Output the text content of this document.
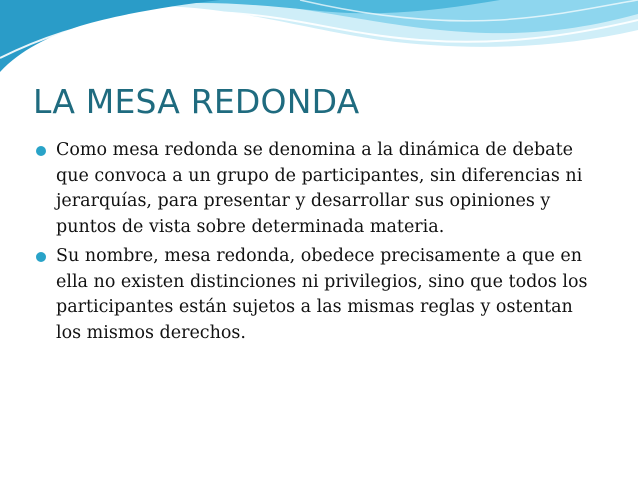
LA MESA REDONDA
Como mesa redonda se denomina a la dinámica de debate que convoca a un grupo de participantes, sin diferencias ni jerarquías, para presentar y desarrollar sus opiniones y puntos de vista sobre determinada materia.
Su nombre, mesa redonda, obedece precisamente a que en ella no existen distinciones ni privilegios, sino que todos los participantes están sujetos a las mismas reglas y ostentan los mismos derechos.
